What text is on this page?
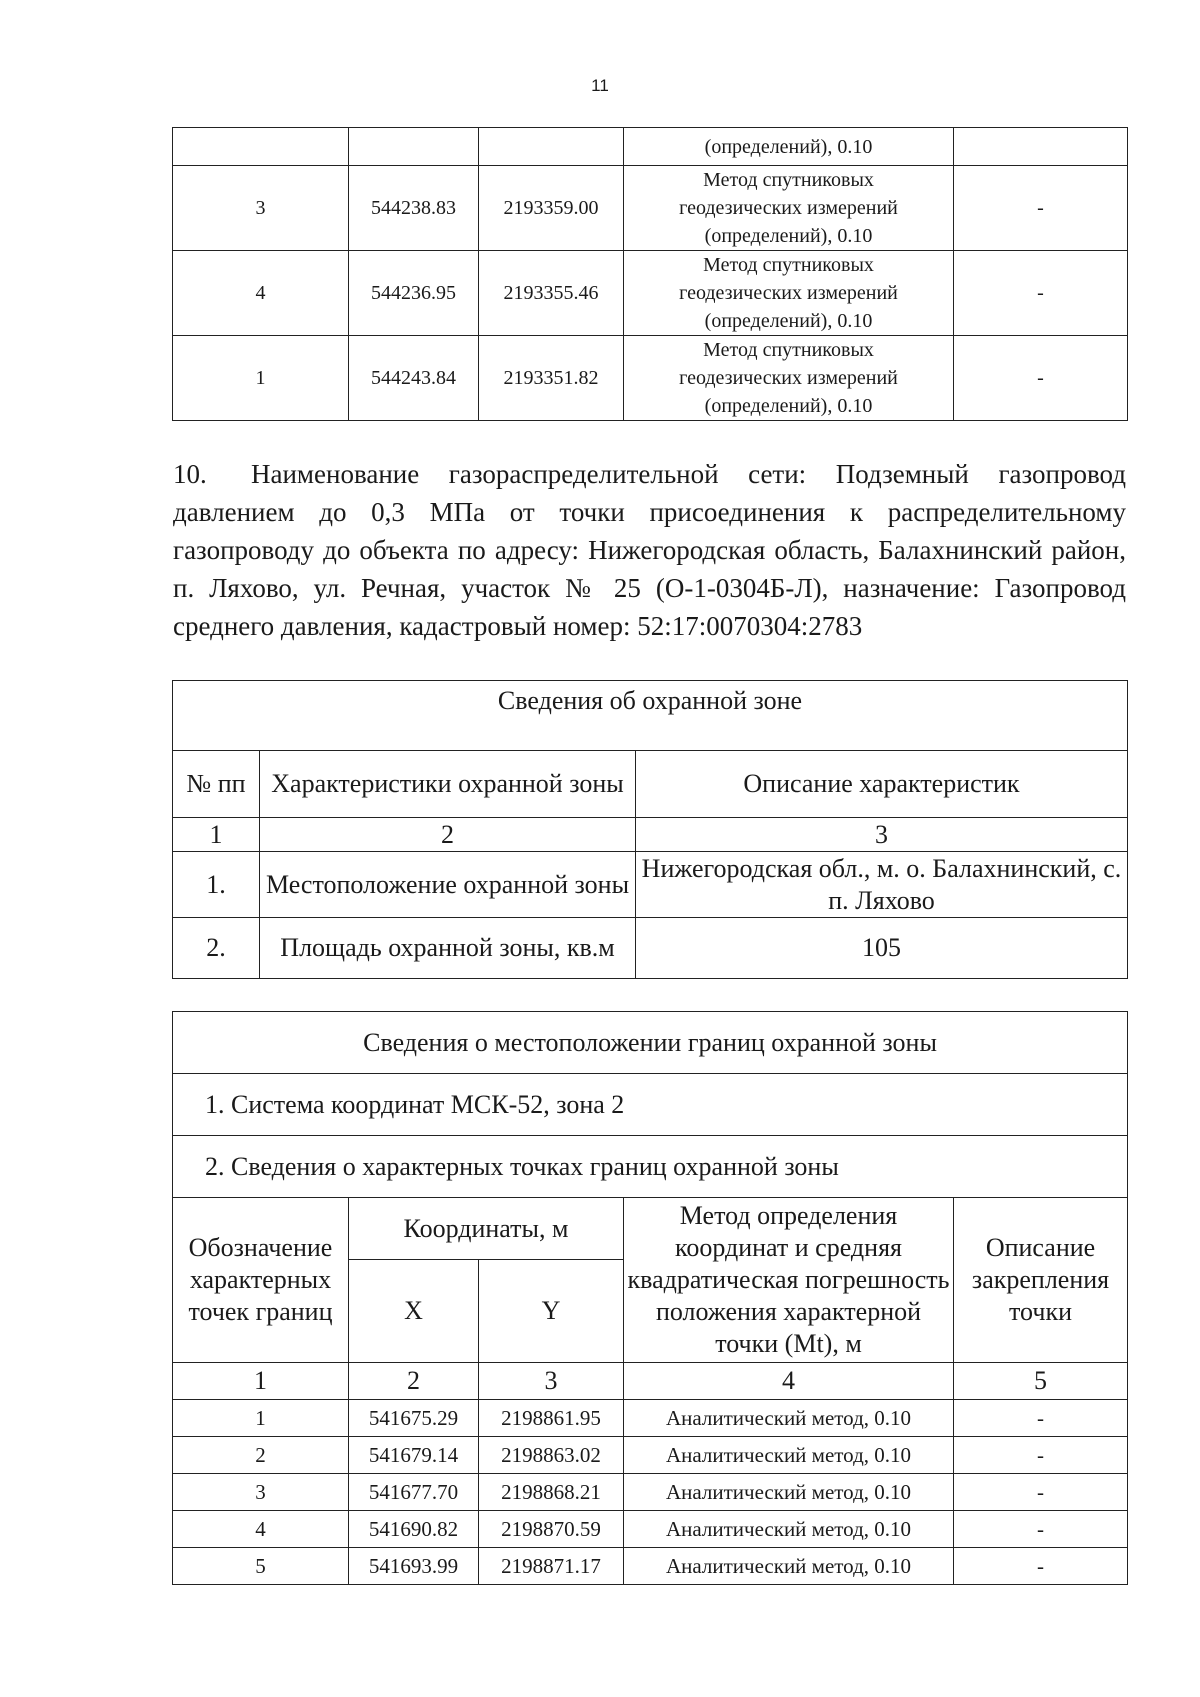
11
			(определений), 0.10	
3	544238.83	2193359.00	Метод спутниковых
геодезических измерений
(определений), 0.10	-
4	544236.95	2193355.46	Метод спутниковых
геодезических измерений
(определений), 0.10	-
1	544243.84	2193351.82	Метод спутниковых
геодезических измерений
(определений), 0.10	-

10. Наименование газораспределительной сети: Подземный газопровод давлением до 0,3 МПа от точки присоединения к распределительному газопроводу до объекта по адресу: Нижегородская область, Балахнинский район, п. Ляхово, ул. Речная, участок № 25 (О-1-0304Б-Л), назначение: Газопровод среднего давления, кадастровый номер: 52:17:0070304:2783

Сведения об охранной зоне		
№ пп	Характеристики охранной зоны	Описание характеристик
1	2	3
1.	Местоположение охранной зоны	Нижегородская обл., м. о. Балахнинский, с. п. Ляхово
2.	Площадь охранной зоны, кв.м	105
Сведения о местоположении границ охранной зоны				
1. Система координат МСК-52, зона 2				
2. Сведения о характерных точках границ охранной зоны				
Обозначение характерных точек границ	Координаты, м		Метод определения координат и средняя квадратическая погрешность положения характерной точки (Mt), м	Описание закрепления точки
	X	Y		
1	2	3	4	5
1	541675.29	2198861.95	Аналитический метод, 0.10	-
2	541679.14	2198863.02	Аналитический метод, 0.10	-
3	541677.70	2198868.21	Аналитический метод, 0.10	-
4	541690.82	2198870.59	Аналитический метод, 0.10	-
5	541693.99	2198871.17	Аналитический метод, 0.10	-
